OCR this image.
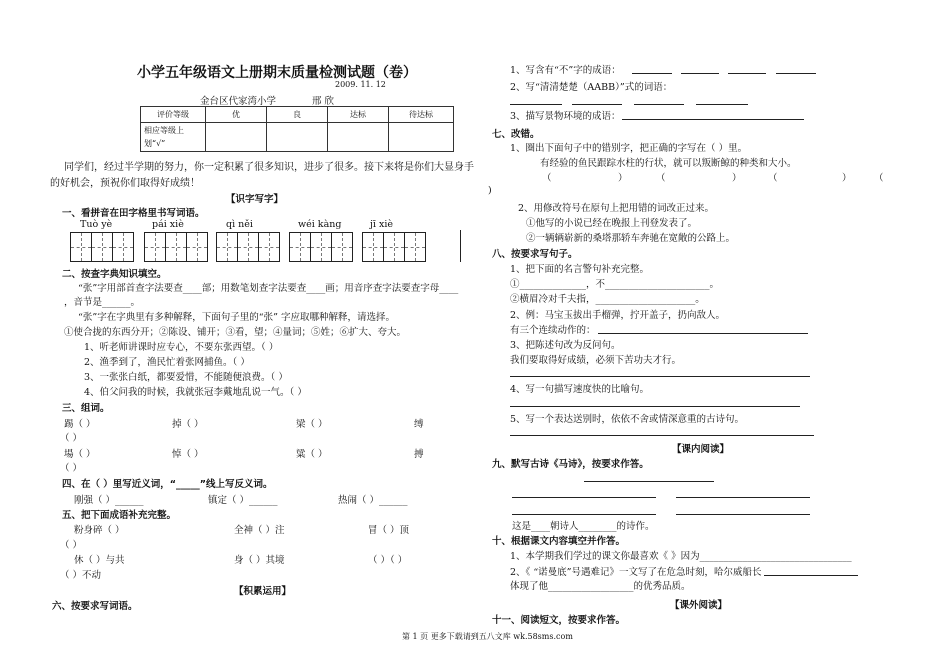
小学五年级语文上册期末质量检测试题（卷）
2009. 11. 12
金台区代家湾小学	邢 欣
评价等级	优	良	达标	待达标
相应等级上
划“√”				
同学们，经过半学期的努力，你一定积累了很多知识，进步了很多。接下来将是你们大显身手
的好机会，预祝你们取得好成绩！
【识字写字】
一、看拼音在田字格里书写词语。
Tuò yè	pái xiè	qì něi	wéi kàng	jī xiè
二、按查字典知识填空。
“张”字用部首查字法要查____部；用数笔划查字法要查____画；用音序查字法要查字母____
，音节是______。
“张”字在字典里有多种解释，下面句子里的“张” 字应取哪种解释，请选择。
①使合拢的东西分开；②陈设、铺开；③看，望；④量词；⑤姓；⑥扩大、夸大。
1、听老师讲课时应专心，不要东张西望。（ ）
2、渔季到了，渔民忙着张网捕鱼。（ ）
3、一张张白纸，都要爱惜，不能随便浪费。（ ）
4、伯父问我的时候，我就张冠李戴地乱说一气。（ ）
三、组词。
踢（ ）	掉（ ）	梁（ ）	缚
（ ）
場（ ）	悼（ ）	粱（ ）	搏
（ ）
四、在（ ）里写近义词，“_____”线上写反义词。
刚强（ ）______	镇定（ ）______	热闹（ ）______
五、把下面成语补充完整。
粉身碎（ ）	全神（ ）注	冒（ ）顶
（ ）
休（ ）与共	身（ ）其境	（ ）（ ）
（ ）不动
【积累运用】
六、按要求写词语。
1、写含有“不”字的成语：
2、写“清清楚楚（AABB）”式的词语：
3、描写景物环境的成语：
七、改错。
1、圈出下面句子中的错别字，把正确的字写在（ ）里。
有经验的鱼民跟踪水柱的行状，就可以叛断鲸的种类和大小。
（	）	（	）	（	） （
)
2、用修改符号在原句上把用错的词改正过来。
①他写的小说已经在晚报上刊登发表了。
②一辆辆崭新的桑塔那轿车奔驰在宽敞的公路上。
八、按要求写句子。
1、把下面的名言警句补充完整。
①______________，不______________________。
②横眉冷对千夫指，_____________________。
2、例：马宝玉拔出手榴弹，拧开盖子，扔向敌人。
有三个连续动作的：
3、把陈述句改为反问句。
我们要取得好成绩，必须下苦功夫才行。
4、写一句描写速度快的比喻句。
5、写一个表达送别时，依依不舍或情深意重的古诗句。
【课内阅读】
九、默写古诗《马诗》，按要求作答。
这是____朝诗人________的诗作。
十、根据课文内容填空并作答。
1、本学期我们学过的课文你最喜欢《 》因为________________________________
2、《 “诺曼底”号遇难记》一文写了在危急时刻，哈尔威船长
体现了他__________________的优秀品质。
【课外阅读】
十一、阅读短文，按要求作答。
第 1 页 更多下载请到五八文库 wk.58sms.com
